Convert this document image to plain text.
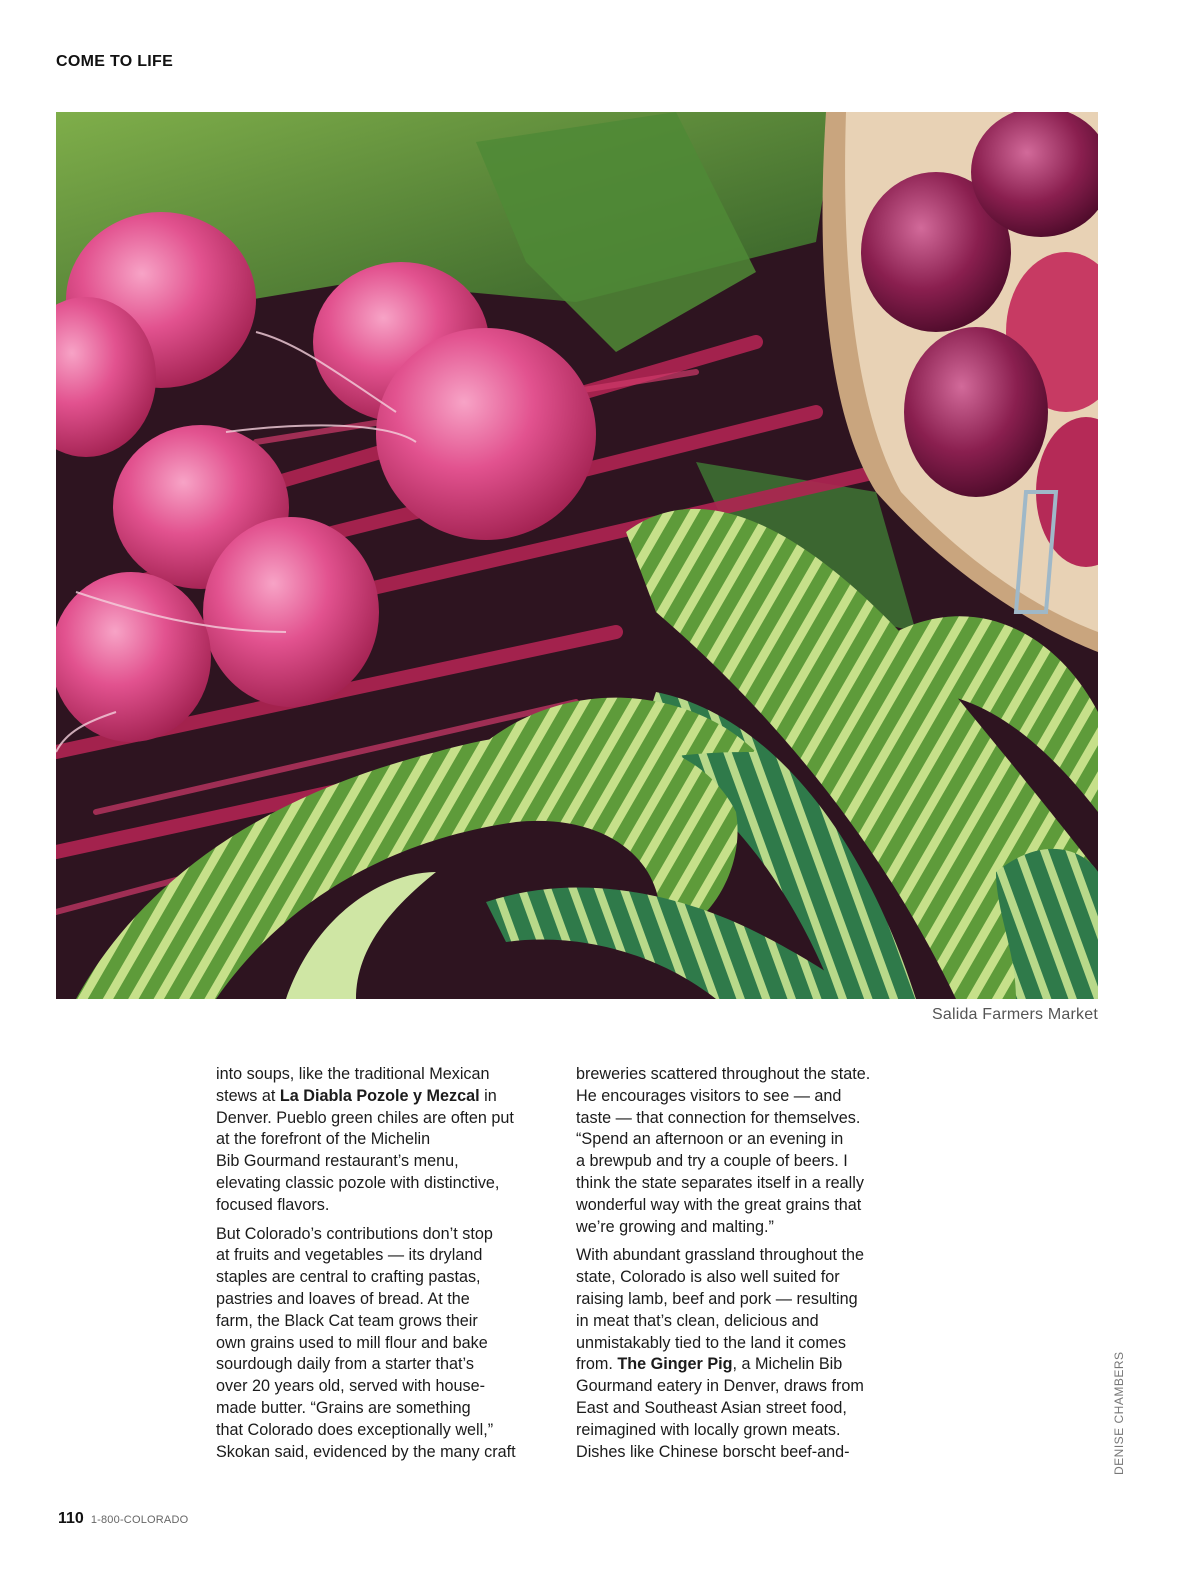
COME TO LIFE
Salida Farmers Market

into soups, like the traditional Mexican
stews at La Diabla Pozole y Mezcal in
Denver. Pueblo green chiles are often put
at the forefront of the Michelin
Bib Gourmand restaurant’s menu,
elevating classic pozole with distinctive,
focused flavors.

But Colorado’s contributions don’t stop
at fruits and vegetables — its dryland
staples are central to crafting pastas,
pastries and loaves of bread. At the
farm, the Black Cat team grows their
own grains used to mill flour and bake
sourdough daily from a starter that’s
over 20 years old, served with house-
made butter. “Grains are something
that Colorado does exceptionally well,”
Skokan said, evidenced by the many craft

breweries scattered throughout the state.
He encourages visitors to see — and
taste — that connection for themselves.
“Spend an afternoon or an evening in
a brewpub and try a couple of beers. I
think the state separates itself in a really
wonderful way with the great grains that
we’re growing and malting.”

With abundant grassland throughout the
state, Colorado is also well suited for
raising lamb, beef and pork — resulting
in meat that’s clean, delicious and
unmistakably tied to the land it comes
from. The Ginger Pig, a Michelin Bib
Gourmand eatery in Denver, draws from
East and Southeast Asian street food,
reimagined with locally grown meats.
Dishes like Chinese borscht beef-and-	DENISE CHAMBERS
110 1-800-COLORADO
